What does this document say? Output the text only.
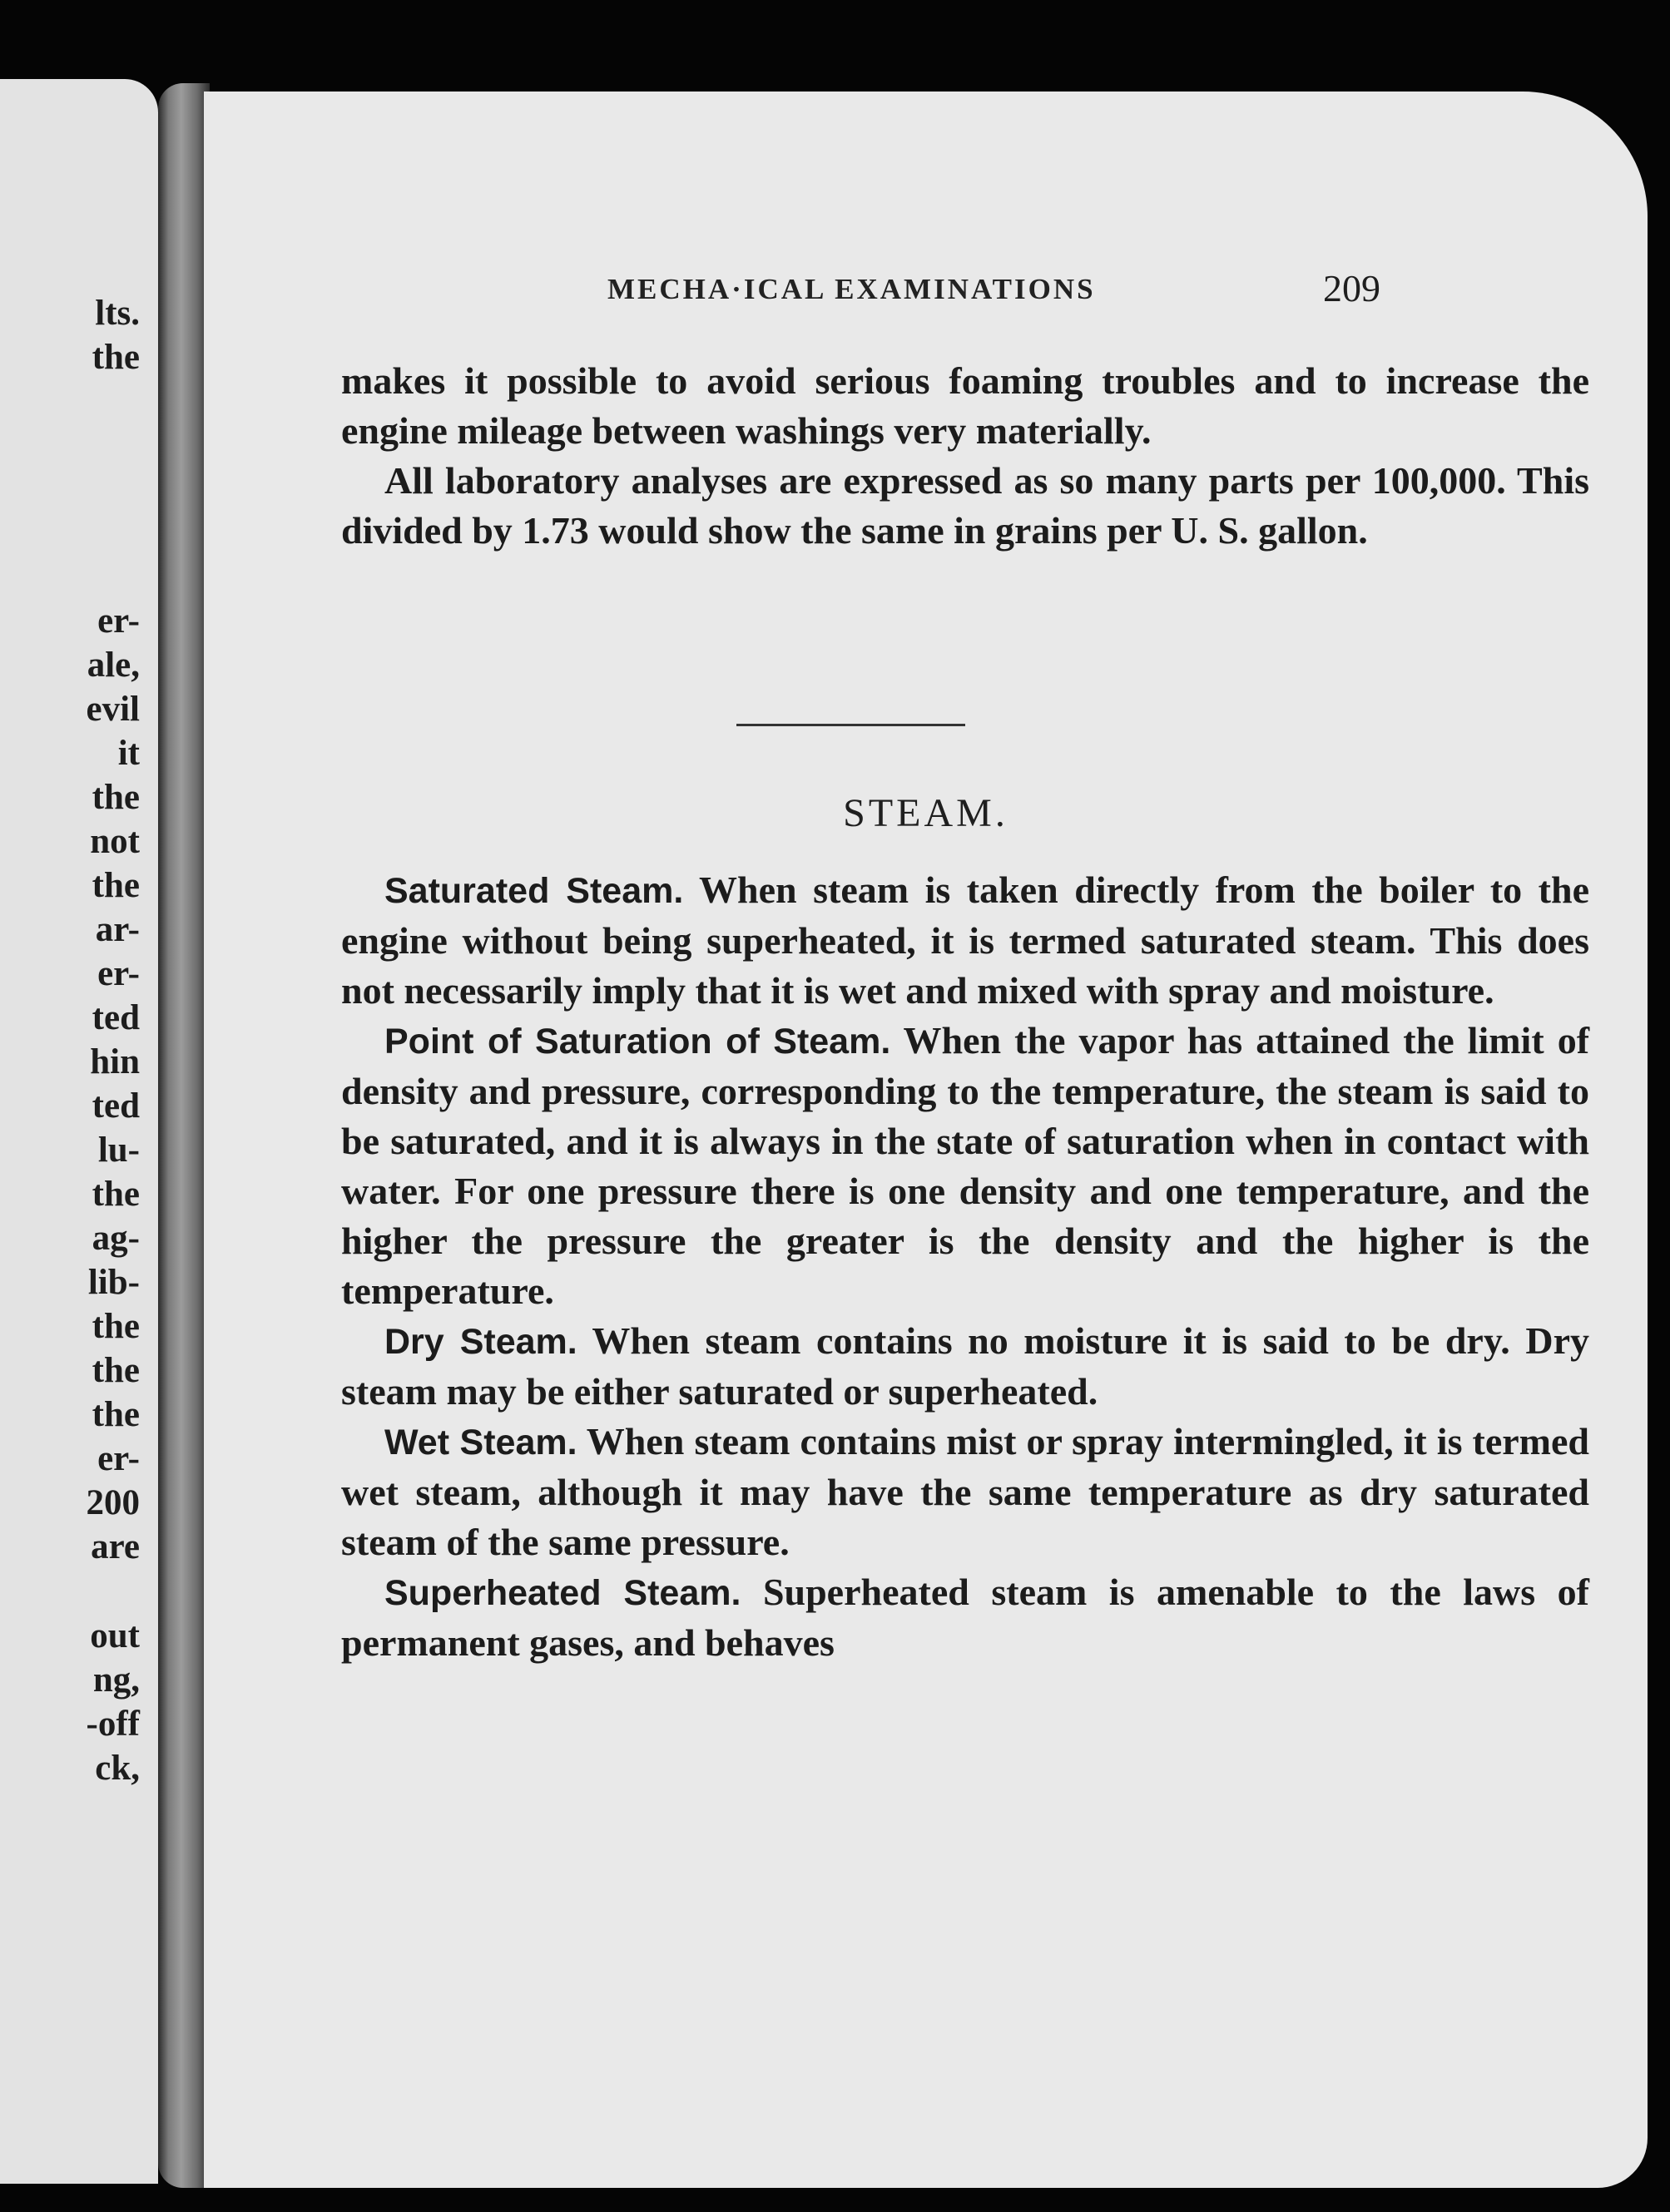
lts.
the
er-
ale,
evil
it
the
not
the
ar-
er-
ted
hin
ted
lu-
the
ag-
lib-
the
the
the
er-
200
are
out
ng,
-off
ck,
MECHA·ICAL EXAMINATIONS	209

makes it possible to avoid serious foaming troubles and to increase the engine mileage between washings very materially.

All laboratory analyses are expressed as so many parts per 100,000. This divided by 1.73 would show the same in grains per U. S. gallon.

STEAM.

Saturated Steam. When steam is taken directly from the boiler to the engine without being superheated, it is termed saturated steam. This does not necessarily imply that it is wet and mixed with spray and moisture.

Point of Saturation of Steam. When the vapor has attained the limit of density and pressure, corresponding to the temperature, the steam is said to be saturated, and it is always in the state of saturation when in contact with water. For one pressure there is one density and one temperature, and the higher the pressure the greater is the density and the higher is the temperature.

Dry Steam. When steam contains no moisture it is said to be dry. Dry steam may be either saturated or superheated.

Wet Steam. When steam contains mist or spray intermingled, it is termed wet steam, although it may have the same temperature as dry saturated steam of the same pressure.

Superheated Steam. Superheated steam is amenable to the laws of permanent gases, and behaves
